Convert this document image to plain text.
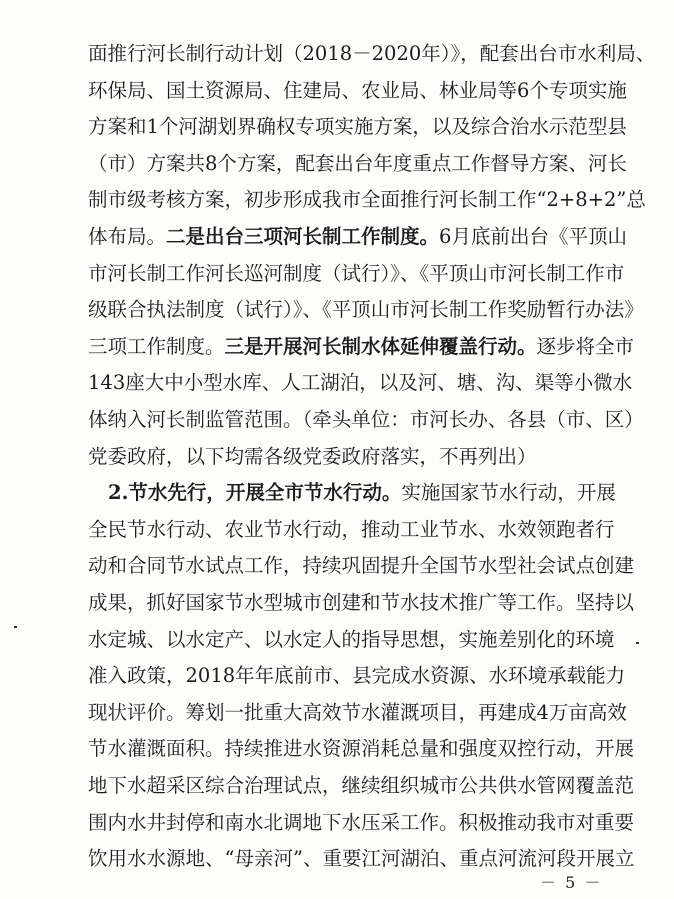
面推行河长制行动计划（2018－2020年）》，配套出台市水利局、
环保局、国土资源局、住建局、农业局、林业局等6个专项实施
方案和1个河湖划界确权专项实施方案，以及综合治水示范型县
（市）方案共8个方案，配套出台年度重点工作督导方案、河长
制市级考核方案，初步形成我市全面推行河长制工作“2+8+2”总
体布局。二是出台三项河长制工作制度。6月底前出台《平顶山
市河长制工作河长巡河制度（试行）》、《平顶山市河长制工作市
级联合执法制度（试行）》、《平顶山市河长制工作奖励暂行办法》
三项工作制度。三是开展河长制水体延伸覆盖行动。逐步将全市
143座大中小型水库、人工湖泊，以及河、塘、沟、渠等小微水
体纳入河长制监管范围。（牵头单位：市河长办、各县（市、区）
党委政府，以下均需各级党委政府落实，不再列出）
2.节水先行，开展全市节水行动。实施国家节水行动，开展
全民节水行动、农业节水行动，推动工业节水、水效领跑者行
动和合同节水试点工作，持续巩固提升全国节水型社会试点创建
成果，抓好国家节水型城市创建和节水技术推广等工作。坚持以
水定城、以水定产、以水定人的指导思想，实施差别化的环境
准入政策，2018年年底前市、县完成水资源、水环境承载能力
现状评价。筹划一批重大高效节水灌溉项目，再建成4万亩高效
节水灌溉面积。持续推进水资源消耗总量和强度双控行动，开展
－ 5 －
地下水超采区综合治理试点，继续组织城市公共供水管网覆盖范
围内水井封停和南水北调地下水压采工作。积极推动我市对重要
饮用水水源地、“母亲河”、重要江河湖泊、重点河流河段开展立
